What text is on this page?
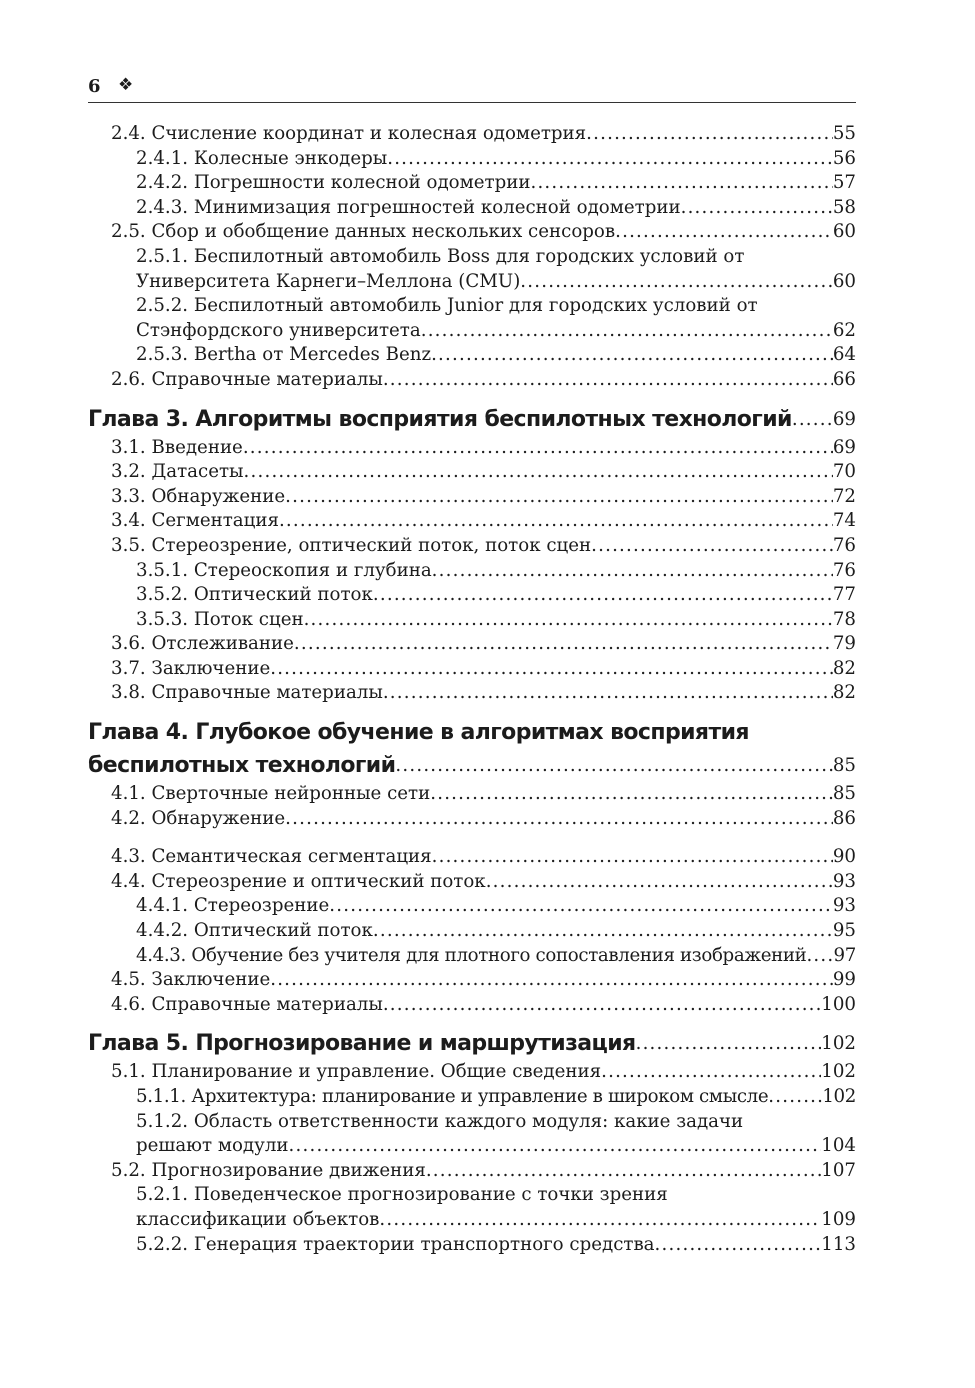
6 ❖
2.4. Счисление координат и колесная одометрия .....	55
2.4.1. Колесные энкодеры .....	56
2.4.2. Погрешности колесной одометрии .....	57
2.4.3. Минимизация погрешностей колесной одометрии .....	58
2.5. Сбор и обобщение данных нескольких сенсоров .....	60
2.5.1. Беспилотный автомобиль Boss для городских условий от
Университета Карнеги–Меллона (CMU) .....	60
2.5.2. Беспилотный автомобиль Junior для городских условий от
Стэнфордского университета .....	62
2.5.3. Bertha от Mercedes Benz .....	64
2.6. Справочные материалы .....	66
Глава 3. Алгоритмы восприятия беспилотных технологий ..... 69
3.1. Введение .....	69
3.2. Датасеты .....	70
3.3. Обнаружение .....	72
3.4. Сегментация .....	74
3.5. Стереозрение, оптический поток, поток сцен .....	76
3.5.1. Стереоскопия и глубина .....	76
3.5.2. Оптический поток .....	77
3.5.3. Поток сцен .....	78
3.6. Отслеживание .....	79
3.7. Заключение .....	82
3.8. Справочные материалы .....	82
Глава 4. Глубокое обучение в алгоритмах восприятия
беспилотных технологий .....	85
4.1. Сверточные нейронные сети .....	85
4.2. Обнаружение .....	86
4.3. Семантическая сегментация .....	90
4.4. Стереозрение и оптический поток .....	93
4.4.1. Стереозрение .....	93
4.4.2. Оптический поток .....	95
4.4.3. Обучение без учителя для плотного сопоставления изображений ..... 97
4.5. Заключение .....	99
4.6. Справочные материалы .....	100
Глава 5. Прогнозирование и маршрутизация .....	102
5.1. Планирование и управление. Общие сведения .....	102
5.1.1. Архитектура: планирование и управление в широком смысле .....	102
5.1.2. Область ответственности каждого модуля: какие задачи
решают модули .....	104
5.2. Прогнозирование движения .....	107
5.2.1. Поведенческое прогнозирование с точки зрения
классификации объектов .....	109
5.2.2. Генерация траектории транспортного средства .....	113
